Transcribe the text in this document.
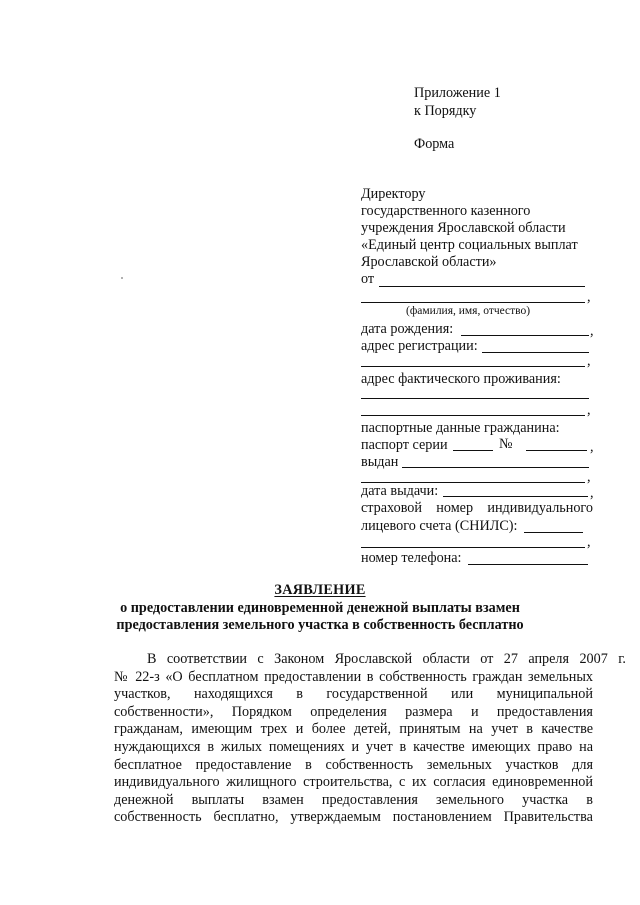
Приложение 1
к Порядку
Форма
Директору
государственного казенного
учреждения Ярославской области
«Единый центр социальных выплат
Ярославской области»
от
,
(фамилия, имя, отчество)
дата рождения:	,
адрес регистрации:
,
адрес фактического проживания:
,
паспортные данные гражданина:
паспорт серии	№	,
выдан
,
дата выдачи:	,
страховой номер индивидуального
лицевого счета (СНИЛС):
,
номер телефона:
ЗАЯВЛЕНИЕ
о предоставлении единовременной денежной выплаты взамен
предоставления земельного участка в собственность бесплатно
В соответствии с Законом Ярославской области от 27 апреля 2007 г.
№ 22-з «О бесплатном предоставлении в собственность граждан земельных
участков, находящихся в государственной или муниципальной
собственности», Порядком определения размера и предоставления
гражданам, имеющим трех и более детей, принятым на учет в качестве
нуждающихся в жилых помещениях и учет в качестве имеющих право на
бесплатное предоставление в собственность земельных участков для
индивидуального жилищного строительства, с их согласия единовременной
денежной выплаты взамен предоставления земельного участка в
собственность бесплатно, утверждаемым постановлением Правительства
